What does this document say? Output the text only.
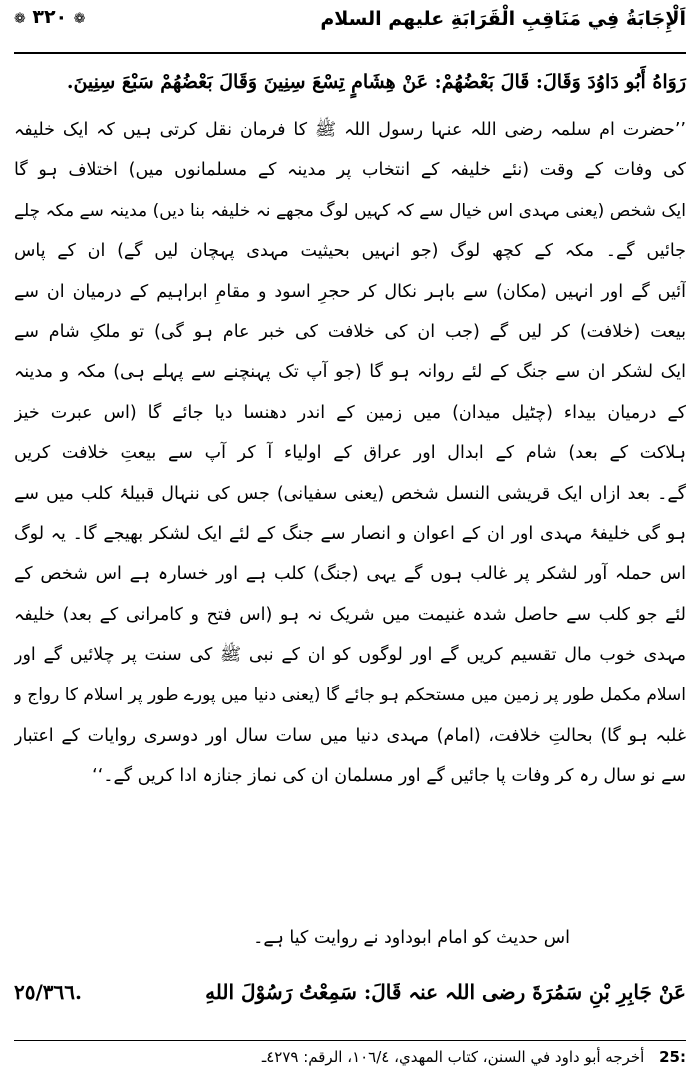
اَلْإِجَابَةُ فِي مَنَاقِبِ الْقَرَابَةِ عليهم السلام
❁ ٣٢٠ ❁
رَوَاهُ أَبُو دَاوُدَ وَقَالَ: قَالَ بَعْضُهُمْ: عَنْ هِشَامٍ تِسْعَ سِنِينَ وَقَالَ بَعْضُهُمْ سَبْعَ سِنِينَ.
’’حضرت ام سلمہ رضی اللہ عنہا رسول اللہ ﷺ کا فرمان نقل کرتی ہیں کہ ایک خلیفہ
کی وفات کے وقت (نئے خلیفہ کے انتخاب پر مدینہ کے مسلمانوں میں) اختلاف ہو گا
ایک شخص (یعنی مہدی اس خیال سے کہ کہیں لوگ مجھے نہ خلیفہ بنا دیں) مدینہ سے مکہ چلے
جائیں گے۔ مکہ کے کچھ لوگ (جو انہیں بحیثیت مہدی پہچان لیں گے) ان کے پاس
آئیں گے اور انہیں (مکان) سے باہر نکال کر حجرِ اسود و مقامِ ابراہیم کے درمیان ان سے
بیعت (خلافت) کر لیں گے (جب ان کی خلافت کی خبر عام ہو گی) تو ملکِ شام سے
ایک لشکر ان سے جنگ کے لئے روانہ ہو گا (جو آپ تک پہنچنے سے پہلے ہی) مکہ و مدینہ
کے درمیان بیداء (چٹیل میدان) میں زمین کے اندر دھنسا دیا جائے گا (اس عبرت خیز
ہلاکت کے بعد) شام کے ابدال اور عراق کے اولیاء آ کر آپ سے بیعتِ خلافت کریں
گے۔ بعد ازاں ایک قریشی النسل شخص (یعنی سفیانی) جس کی ننہال قبیلۂ کلب میں سے
ہو گی خلیفۂ مہدی اور ان کے اعوان و انصار سے جنگ کے لئے ایک لشکر بھیجے گا۔ یہ لوگ
اس حملہ آور لشکر پر غالب ہوں گے یہی (جنگ) کلب ہے اور خسارہ ہے اس شخص کے
لئے جو کلب سے حاصل شدہ غنیمت میں شریک نہ ہو (اس فتح و کامرانی کے بعد) خلیفہ
مہدی خوب مال تقسیم کریں گے اور لوگوں کو ان کے نبی ﷺ کی سنت پر چلائیں گے اور
اسلام مکمل طور پر زمین میں مستحکم ہو جائے گا (یعنی دنیا میں پورے طور پر اسلام کا رواج و
غلبہ ہو گا) بحالتِ خلافت، (امام) مہدی دنیا میں سات سال اور دوسری روایات کے اعتبار
سے نو سال رہ کر وفات پا جائیں گے اور مسلمان ان کی نماز جنازہ ادا کریں گے۔‘‘
اس حدیث کو امام ابوداود نے روایت کیا ہے۔
عَنْ جَابِرِ بْنِ سَمُرَةَ رضی اللہ عنہ قَالَ: سَمِعْتُ رَسُوْلَ اللهِ
٢٥/٣٦٦.
:25 أخرجه أبو داود في السنن، كتاب المهدي، ١٠٦/٤، الرقم: ٤٢٧٩ـ
